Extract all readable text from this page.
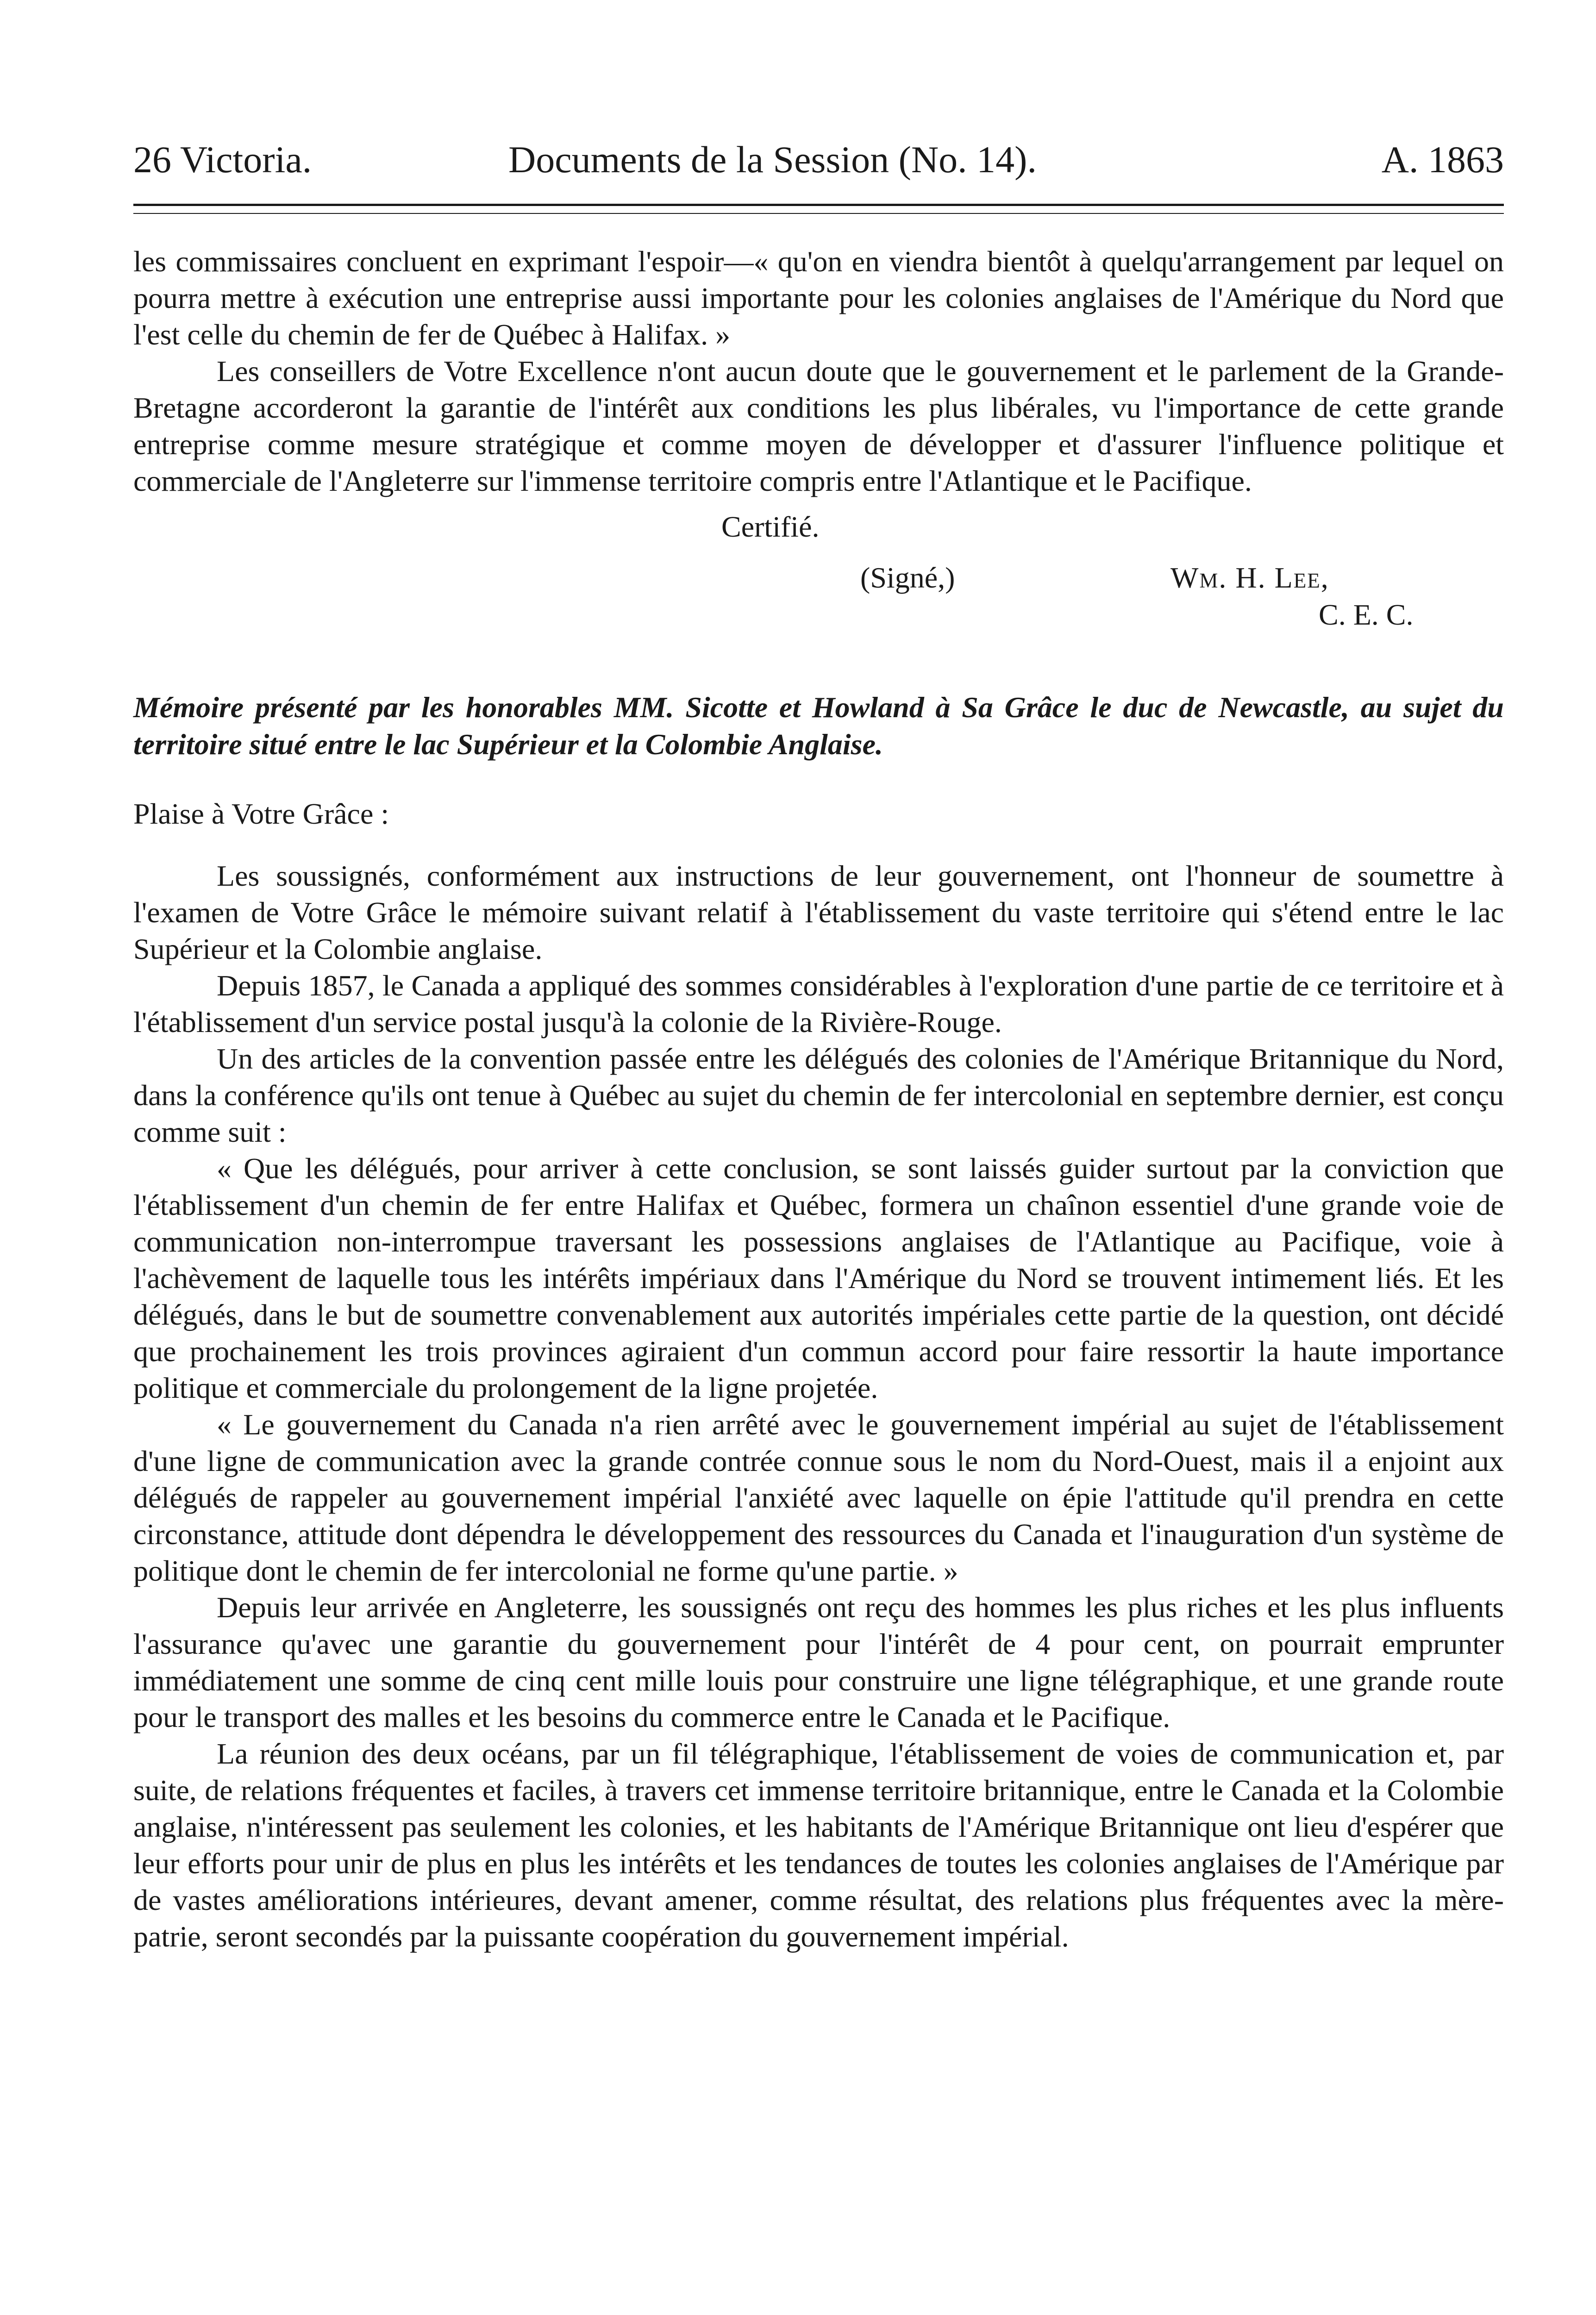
26 Victoria.	Documents de la Session (No. 14).	A. 1863

les commissaires concluent en exprimant l'espoir—« qu'on en viendra bientôt à quelqu'arrangement par lequel on pourra mettre à exécution une entreprise aussi importante pour les colonies anglaises de l'Amérique du Nord que l'est celle du chemin de fer de Québec à Halifax. »

Les conseillers de Votre Excellence n'ont aucun doute que le gouvernement et le parlement de la Grande-Bretagne accorderont la garantie de l'intérêt aux conditions les plus libérales, vu l'importance de cette grande entreprise comme mesure stratégique et comme moyen de développer et d'assurer l'influence politique et commerciale de l'Angleterre sur l'immense territoire compris entre l'Atlantique et le Pacifique.

Certifié.
(Signé,)	Wm. H. Lee,
C. E. C.

Mémoire présenté par les honorables MM. Sicotte et Howland à Sa Grâce le duc de Newcastle, au sujet du territoire situé entre le lac Supérieur et la Colombie Anglaise.

Plaise à Votre Grâce :

Les soussignés, conformément aux instructions de leur gouvernement, ont l'honneur de soumettre à l'examen de Votre Grâce le mémoire suivant relatif à l'établissement du vaste territoire qui s'étend entre le lac Supérieur et la Colombie anglaise.

Depuis 1857, le Canada a appliqué des sommes considérables à l'exploration d'une partie de ce territoire et à l'établissement d'un service postal jusqu'à la colonie de la Rivière-Rouge.

Un des articles de la convention passée entre les délégués des colonies de l'Amérique Britannique du Nord, dans la conférence qu'ils ont tenue à Québec au sujet du chemin de fer intercolonial en septembre dernier, est conçu comme suit :

« Que les délégués, pour arriver à cette conclusion, se sont laissés guider surtout par la conviction que l'établissement d'un chemin de fer entre Halifax et Québec, formera un chaînon essentiel d'une grande voie de communication non-interrompue traversant les possessions anglaises de l'Atlantique au Pacifique, voie à l'achèvement de laquelle tous les intérêts impériaux dans l'Amérique du Nord se trouvent intimement liés. Et les délégués, dans le but de soumettre convenablement aux autorités impériales cette partie de la question, ont décidé que prochainement les trois provinces agiraient d'un commun accord pour faire ressortir la haute importance politique et commerciale du prolongement de la ligne projetée.

« Le gouvernement du Canada n'a rien arrêté avec le gouvernement impérial au sujet de l'établissement d'une ligne de communication avec la grande contrée connue sous le nom du Nord-Ouest, mais il a enjoint aux délégués de rappeler au gouvernement impérial l'anxiété avec laquelle on épie l'attitude qu'il prendra en cette circonstance, attitude dont dépendra le développement des ressources du Canada et l'inauguration d'un système de politique dont le chemin de fer intercolonial ne forme qu'une partie. »

Depuis leur arrivée en Angleterre, les soussignés ont reçu des hommes les plus riches et les plus influents l'assurance qu'avec une garantie du gouvernement pour l'intérêt de 4 pour cent, on pourrait emprunter immédiatement une somme de cinq cent mille louis pour construire une ligne télégraphique, et une grande route pour le transport des malles et les besoins du commerce entre le Canada et le Pacifique.

La réunion des deux océans, par un fil télégraphique, l'établissement de voies de communication et, par suite, de relations fréquentes et faciles, à travers cet immense territoire britannique, entre le Canada et la Colombie anglaise, n'intéressent pas seulement les colonies, et les habitants de l'Amérique Britannique ont lieu d'espérer que leur efforts pour unir de plus en plus les intérêts et les tendances de toutes les colonies anglaises de l'Amérique par de vastes améliorations intérieures, devant amener, comme résultat, des relations plus fréquentes avec la mère-patrie, seront secondés par la puissante coopération du gouvernement impérial.
